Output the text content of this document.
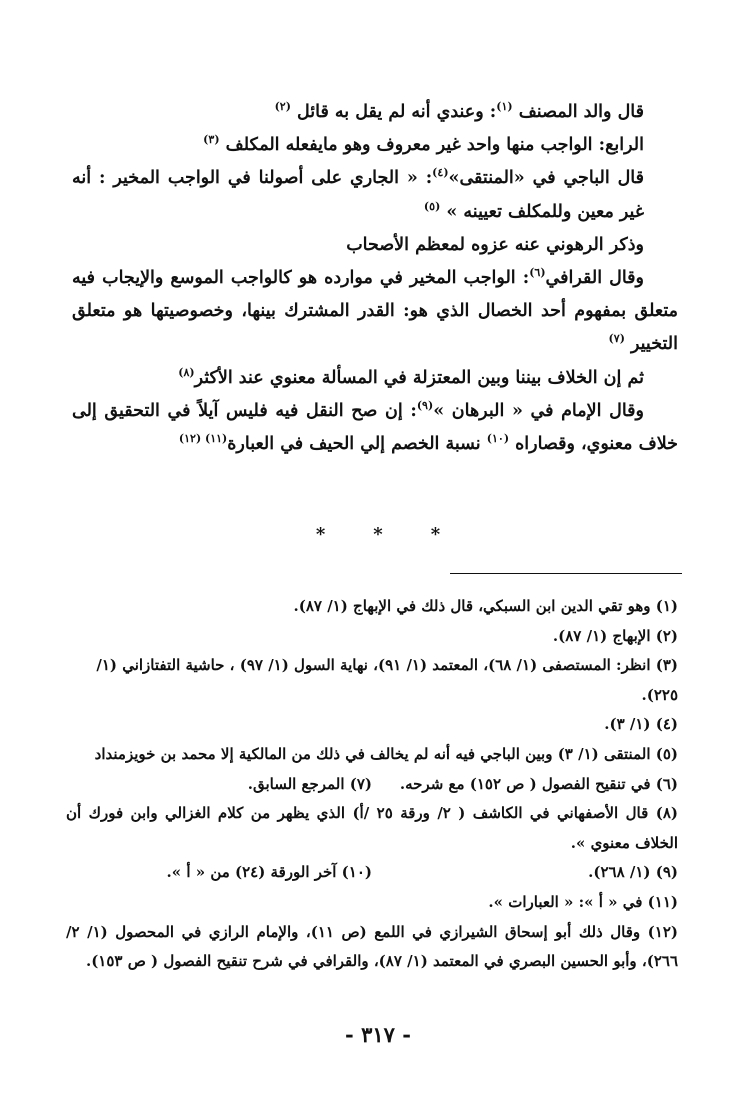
قال والد المصنف $^{(١)}$: وعندي أنه لم يقل به قائل $^{(٢)}$

الرابع: الواجب منها واحد غير معروف وهو مايفعله المكلف $^{(٣)}$

قال الباجي في «المنتقى»$^{(٤)}$: « الجاري على أصولنا في الواجب المخير : أنه غير معين وللمكلف تعيينه » $^{(٥)}$

وذكر الرهوني عنه عزوه لمعظم الأصحاب

وقال القرافي$^{(٦)}$: الواجب المخير في موارده هو كالواجب الموسع والإيجاب فيه متعلق بمفهوم أحد الخصال الذي هو: القدر المشترك بينها، وخصوصيتها هو متعلق التخيير $^{(٧)}$

ثم إن الخلاف بيننا وبين المعتزلة في المسألة معنوي عند الأكثر$^{(٨)}$

وقال الإمام في « البرهان »$^{(٩)}$: إن صح النقل فيه فليس آيلاً في التحقيق إلى خلاف معنوي، وقصاراه $^{(١٠)}$ نسبة الخصم إلي الحيف في العبارة$^{(١١) (١٢)}$

*	*	*

(١) وهو تقي الدين ابن السبكي، قال ذلك في الإبهاج (١/ ٨٧).

(٢) الإبهاج (١/ ٨٧).

(٣) انظر: المستصفى (١/ ٦٨)، المعتمد (١/ ٩١)، نهاية السول (١/ ٩٧) ، حاشية التفتازاني (١/ ٢٢٥).

(٤) (١/ ٣).

(٥) المنتقى (١/ ٣) وبين الباجي فيه أنه لم يخالف في ذلك من المالكية إلا محمد بن خويزمنداد

(٦) في تنقيح الفصول ( ص ١٥٢) مع شرحه.
(٧) المرجع السابق.

(٨) قال الأصفهاني في الكاشف ( ٢/ ورقة ٢٥ /أ) الذي يظهر من كلام الغزالي وابن فورك أن الخلاف معنوي ».

(٩) (١/ ٢٦٨).
(١٠) آخر الورقة (٢٤) من « أ ».

(١١) في « أ »: « العبارات ».

(١٢) وقال ذلك أبو إسحاق الشيرازي في اللمع (ص ١١)، والإمام الرازي في المحصول (١/ ٢/ ٢٦٦)، وأبو الحسين البصري في المعتمد (١/ ٨٧)، والقرافي في شرح تنقيح الفصول ( ص ١٥٣).

- ٣١٧ -
